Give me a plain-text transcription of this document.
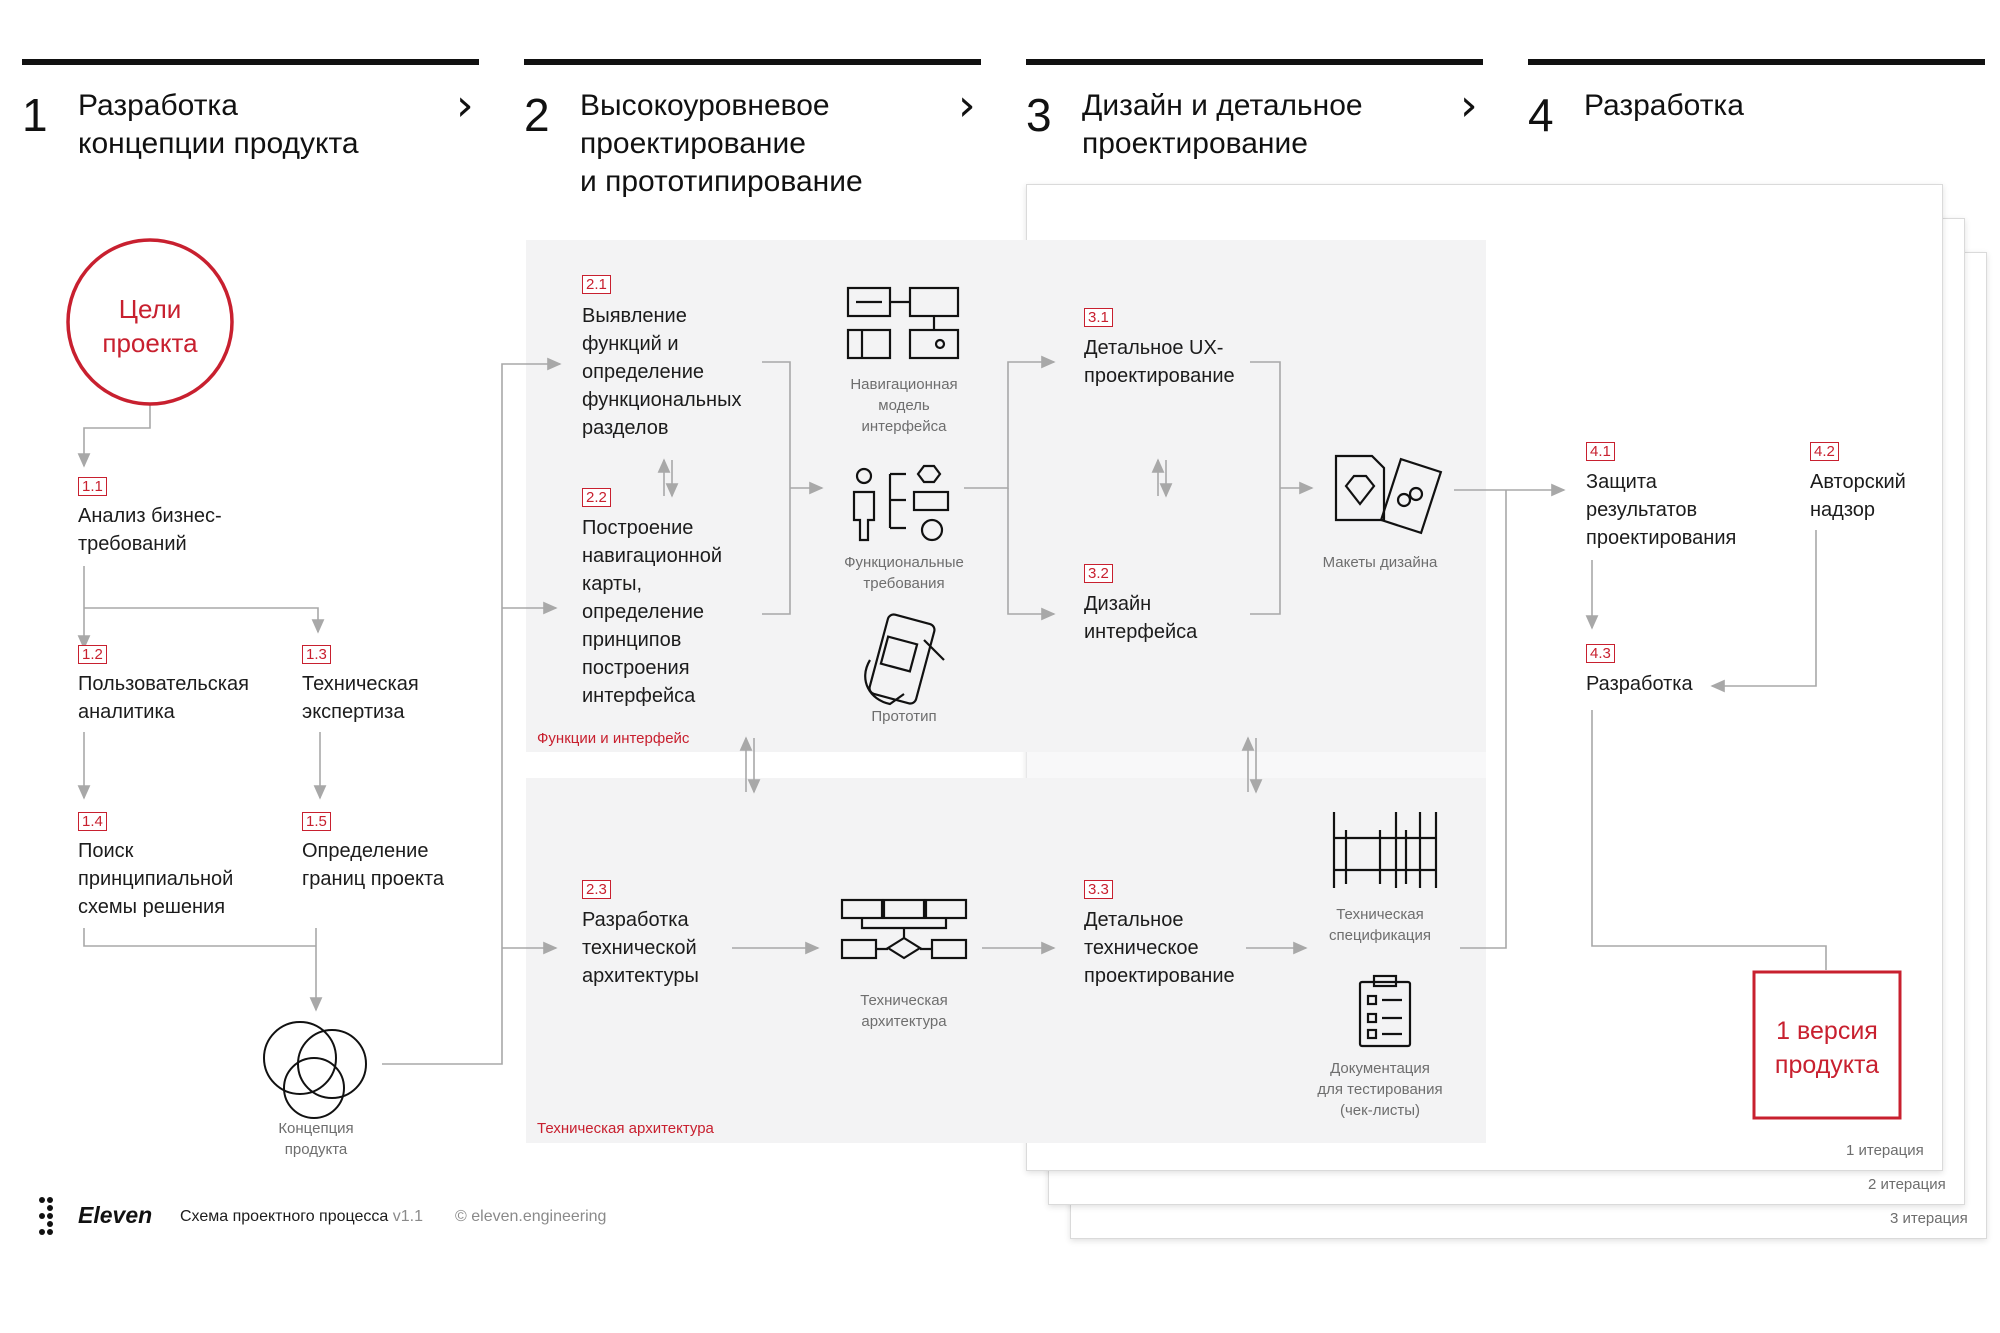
1 Разработка
концепции продукта
› 2 Высокоуровневое
проектирование
и прототипирование
› 3 Дизайн и детальное
проектирование
› 4 Разработка
Цели
проекта
1.1
Анализ бизнес-
требований
1.2
Пользовательская
аналитика
1.3
Техническая
экспертиза
1.4
Поиск
принципиальной
схемы решения
1.5
Определение
границ проекта
Концепция
продукта
2.1
Выявление
функций и
определение
функциональных
разделов
2.2
Построение
навигационной
карты,
определение
принципов
построения
интерфейса
2.3
Разработка
технической
архитектуры
Навигационная
модель
интерфейса
Функциональные
требования
Прототип
Техническая
архитектура
Функции и интерфейс
Техническая архитектура
3.1
Детальное UX-
проектирование
3.2
Дизайн
интерфейса
3.3
Детальное
техническое
проектирование
Макеты дизайна
Техническая
спецификация
Документация
для тестирования
(чек-листы)
4.1
Защита
результатов
проектирования
4.2
Авторский
надзор
4.3
Разработка
1 версия
продукта
1 итерация
2 итерация
3 итерация
Eleven Схема проектного процесса v1.1 © eleven.engineering
